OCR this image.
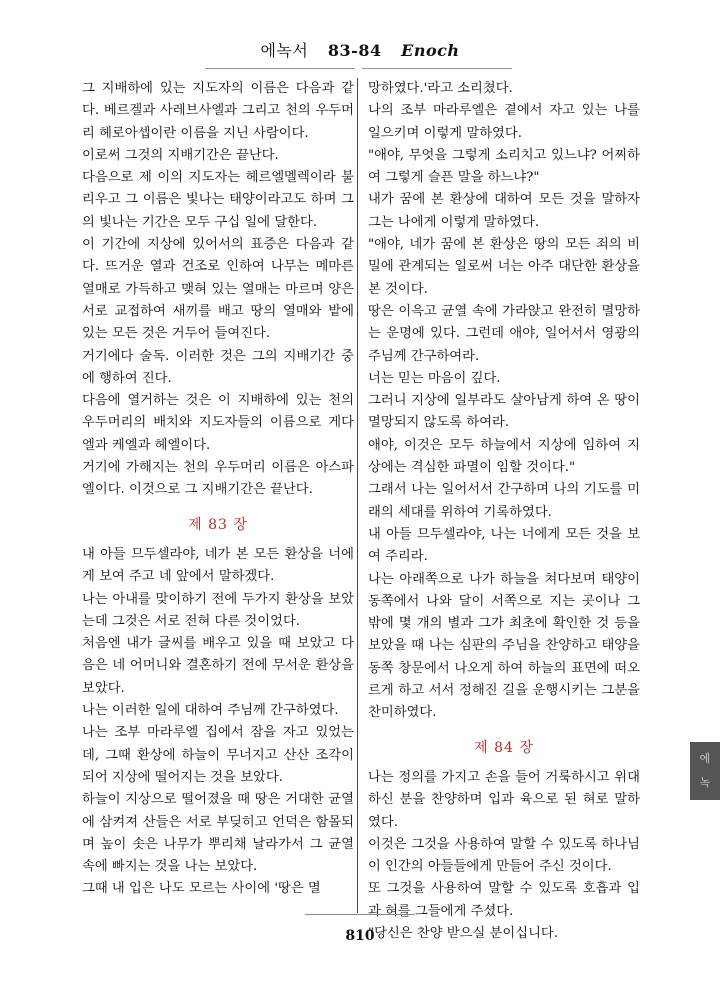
에녹서 83-84 Enoch

그 지배하에 있는 지도자의 이름은 다음과 같다. 베르겔과 사레브사엘과 그리고 천의 우두머리 헤로아셉이란 이름을 지닌 사람이다.

이로써 그것의 지배기간은 끝난다.

다음으로 제 이의 지도자는 헤르엘멜렉이라 불리우고 그 이름은 빛나는 태양이라고도 하며 그의 빛나는 기간은 모두 구십 일에 달한다.

이 기간에 지상에 있어서의 표증은 다음과 같다. 뜨거운 열과 건조로 인하여 나무는 메마른 열매로 가득하고 맺혀 있는 열매는 마르며 양은 서로 교접하여 새끼를 배고 땅의 열매와 밭에 있는 모든 것은 거두어 들여진다.

거기에다 술독. 이러한 것은 그의 지배기간 중에 행하여 진다.

다음에 열거하는 것은 이 지배하에 있는 천의 우두머리의 배치와 지도자들의 이름으로 게다엘과 케엘과 헤엘이다.

거기에 가해지는 천의 우두머리 이름은 아스파엘이다. 이것으로 그 지배기간은 끝난다.

제 83 장

내 아들 므두셀라야, 네가 본 모든 환상을 너에게 보여 주고 네 앞에서 말하겠다.

나는 아내를 맞이하기 전에 두가지 환상을 보았는데 그것은 서로 전혀 다른 것이었다.

처음엔 내가 글씨를 배우고 있을 때 보았고 다음은 네 어머니와 결혼하기 전에 무서운 환상을 보았다.

나는 이러한 일에 대하여 주님께 간구하였다.

나는 조부 마라루엘 집에서 잠을 자고 있었는데, 그때 환상에 하늘이 무너지고 산산 조각이 되어 지상에 떨어지는 것을 보았다.

하늘이 지상으로 떨어졌을 때 땅은 거대한 균열에 삼켜져 산들은 서로 부딪히고 언덕은 함몰되며 높이 솟은 나무가 뿌리채 날라가서 그 균열 속에 빠지는 것을 나는 보았다.

그때 내 입은 나도 모르는 사이에 '땅은 멸

망하였다.'라고 소리쳤다.

나의 조부 마라루엘은 곁에서 자고 있는 나를 일으키며 이렇게 말하였다.

"애야, 무엇을 그렇게 소리치고 있느냐? 어찌하여 그렇게 슬픈 말을 하느냐?"

내가 꿈에 본 환상에 대하여 모든 것을 말하자 그는 나에게 이렇게 말하였다.

"애야, 네가 꿈에 본 환상은 땅의 모든 죄의 비밀에 관계되는 일로써 너는 아주 대단한 환상을 본 것이다.

땅은 이윽고 균열 속에 가라앉고 완전히 멸망하는 운명에 있다. 그런데 애야, 일어서서 영광의 주님께 간구하여라.

너는 믿는 마음이 깊다.

그러니 지상에 일부라도 살아남게 하여 온 땅이 멸망되지 않도록 하여라.

애야, 이것은 모두 하늘에서 지상에 임하여 지상에는 격심한 파멸이 임할 것이다."

그래서 나는 일어서서 간구하며 나의 기도를 미래의 세대를 위하여 기록하였다.

내 아들 므두셀라야, 나는 너에게 모든 것을 보여 주리라.

나는 아래쪽으로 나가 하늘을 쳐다보며 태양이 동쪽에서 나와 달이 서쪽으로 지는 곳이나 그 밖에 몇 개의 별과 그가 최초에 확인한 것 등을 보았을 때 나는 심판의 주님을 찬양하고 태양을 동쪽 창문에서 나오게 하여 하늘의 표면에 떠오르게 하고 서서 정해진 길을 운행시키는 그분을 찬미하였다.

제 84 장

나는 정의를 가지고 손을 들어 거룩하시고 위대하신 분을 찬양하며 입과 육으로 된 혀로 말하였다.

이것은 그것을 사용하여 말할 수 있도록 하나님이 인간의 아들들에게 만들어 주신 것이다.

또 그것을 사용하여 말할 수 있도록 호흡과 입과 혀를 그들에게 주셨다.

"당신은 찬양 받으실 분이십니다.

810
에
녹
